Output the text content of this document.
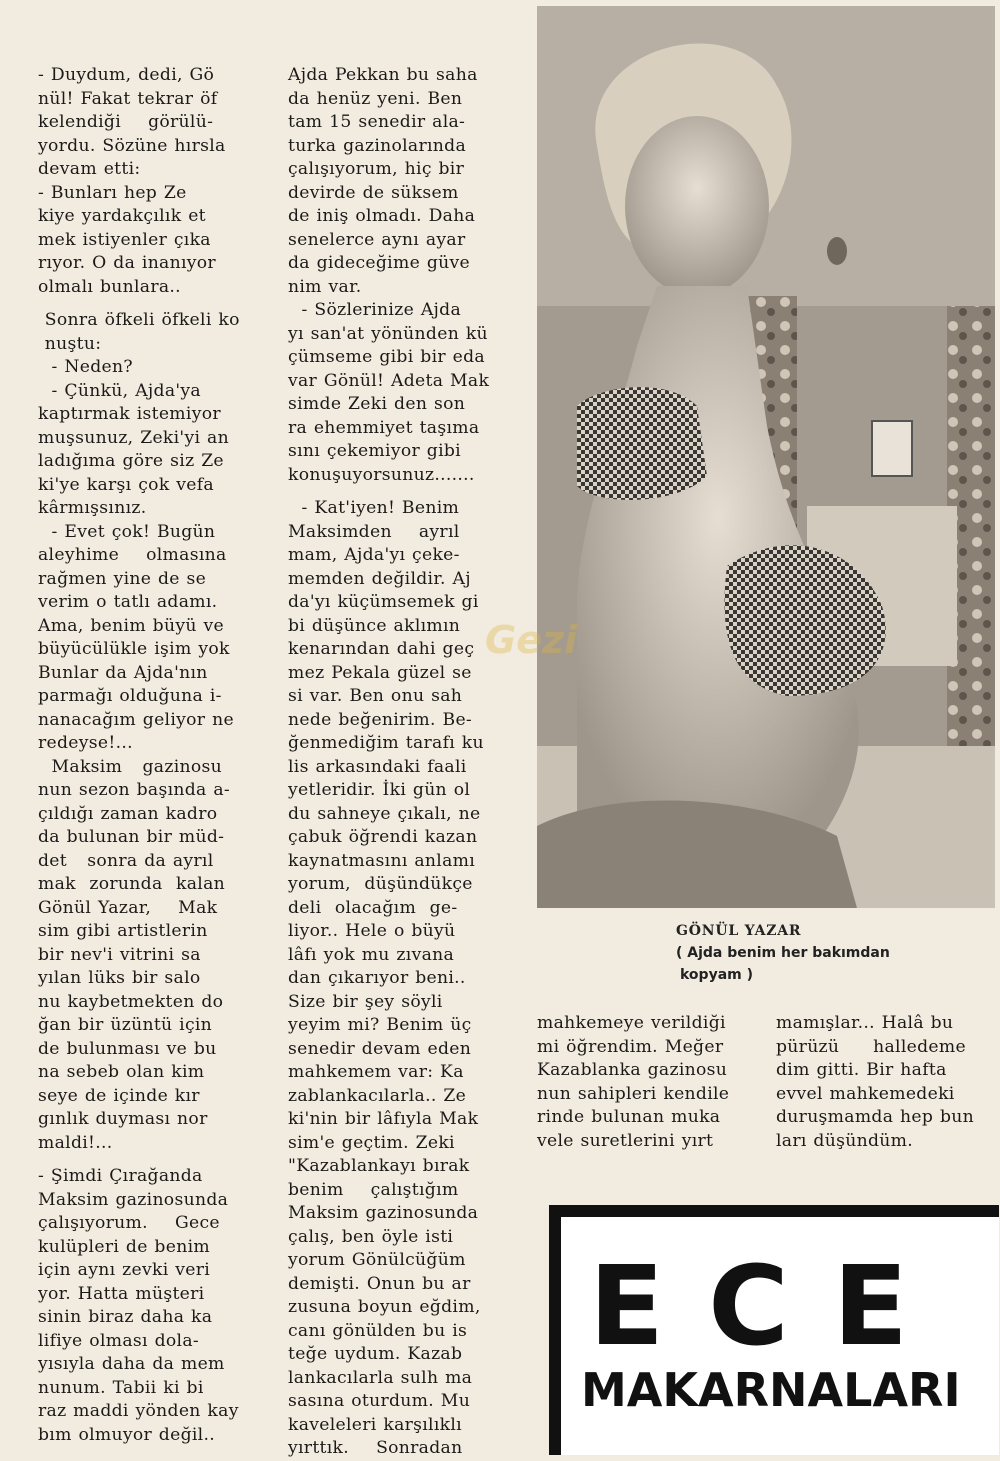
- Duydum, dedi, Gö

nül! Fakat tekrar öf

kelendiği    görülü-

yordu. Sözüne hırsla

devam etti:

- Bunları hep Ze

kiye yardakçılık et

mek istiyenler çıka

rıyor. O da inanıyor

olmalı bunlara..

Sonra öfkeli öfkeli ko

nuştu:

- Neden?

- Çünkü, Ajda'ya

kaptırmak istemiyor

muşsunuz, Zeki'yi an

ladığıma göre siz Ze

ki'ye karşı çok vefa

kârmışsınız.

- Evet çok! Bugün

aleyhime    olmasına

rağmen yine de se

verim o tatlı adamı.

Ama, benim büyü ve

büyücülükle işim yok

Bunlar da Ajda'nın

parmağı olduğuna i-

nanacağım geliyor ne

redeyse!...

Maksim   gazinosu

nun sezon başında a-

çıldığı zaman kadro

da bulunan bir müd-

det   sonra da ayrıl

mak  zorunda  kalan

Gönül Yazar,    Mak

sim gibi artistlerin

bir nev'i vitrini sa

yılan lüks bir salo

nu kaybetmekten do

ğan bir üzüntü için

de bulunması ve bu

na sebeb olan kim

seye de içinde kır

gınlık duyması nor

maldi!...

- Şimdi Çırağanda

Maksim gazinosunda

çalışıyorum.    Gece

kulüpleri de benim

için aynı zevki veri

yor. Hatta müşteri

sinin biraz daha ka

lifiye olması dola-

yısıyla daha da mem

nunum. Tabii ki bi

raz maddi yönden kay

bım olmuyor değil..

Ajda Pekkan bu saha

da henüz yeni. Ben

tam 15 senedir ala-

turka gazinolarında

çalışıyorum, hiç bir

devirde de süksem

de iniş olmadı. Daha

senelerce aynı ayar

da gideceğime güve

nim var.

- Sözlerinize Ajda

yı san'at yönünden kü

çümseme gibi bir eda

var Gönül! Adeta Mak

simde Zeki den son

ra ehemmiyet taşıma

sını çekemiyor gibi

konuşuyorsunuz.......

- Kat'iyen! Benim

Maksimden    ayrıl

mam, Ajda'yı çeke-

memden değildir. Aj

da'yı küçümsemek gi

bi düşünce aklımın

kenarından dahi geç

mez Pekala güzel se

si var. Ben onu sah

nede beğenirim. Be-

ğenmediğim tarafı ku

lis arkasındaki faali

yetleridir. İki gün ol

du sahneye çıkalı, ne

çabuk öğrendi kazan

kaynatmasını anlamı

yorum,  düşündükçe

deli  olacağım  ge-

liyor.. Hele o büyü

lâfı yok mu zıvana

dan çıkarıyor beni..

Size bir şey söyli

yeyim mi? Benim üç

senedir devam eden

mahkemem var: Ka

zablankacılarla.. Ze

ki'nin bir lâfıyla Mak

sim'e geçtim. Zeki

"Kazablankayı bırak

benim    çalıştığım

Maksim gazinosunda

çalış, ben öyle isti

yorum Gönülcüğüm

demişti. Onun bu ar

zusuna boyun eğdim,

canı gönülden bu is

teğe uydum. Kazab

lankacılarla sulh ma

sasına oturdum. Mu

kaveleleri karşılıklı

yırttık.    Sonradan

Gezi
GÖNÜL YAZAR
( Ajda benim her bakımdan
kopyam )

mahkemeye verildiği

mi öğrendim. Meğer

Kazablanka gazinosu

nun sahipleri kendile

rinde bulunan muka

vele suretlerini yırt

mamışlar... Halâ bu

pürüzü     halledeme

dim gitti. Bir hafta

evvel mahkemedeki

duruşmamda hep bun

ları düşündüm.

ECE
MAKARNALARI
